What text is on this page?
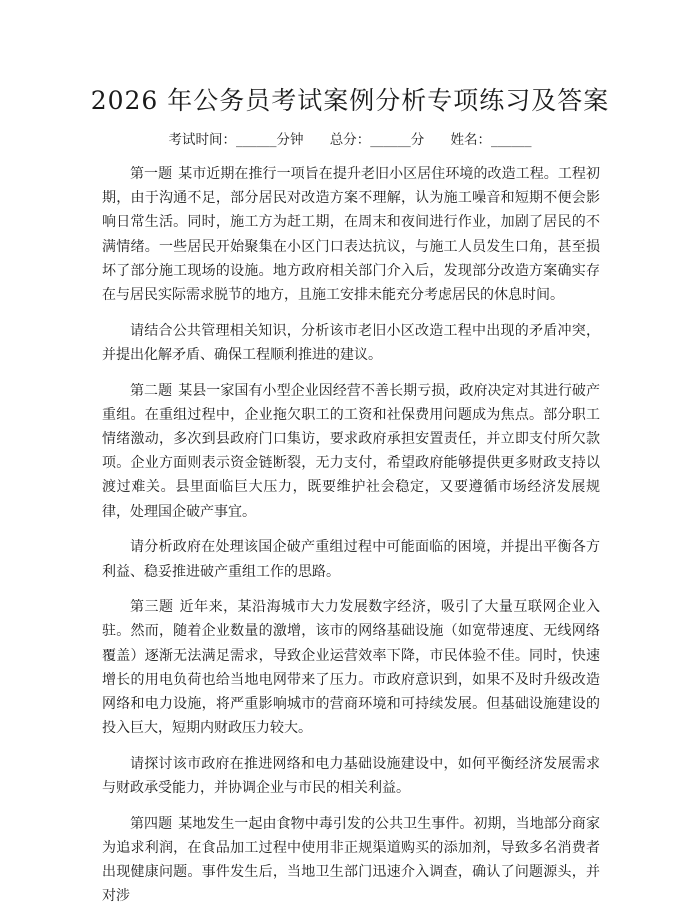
2026 年公务员考试案例分析专项练习及答案
考试时间：______分钟 总分：______分 姓名：______

第一题 某市近期在推行一项旨在提升老旧小区居住环境的改造工程。工程初期，由于沟通不足，部分居民对改造方案不理解，认为施工噪音和短期不便会影响日常生活。同时，施工方为赶工期，在周末和夜间进行作业，加剧了居民的不满情绪。一些居民开始聚集在小区门口表达抗议，与施工人员发生口角，甚至损坏了部分施工现场的设施。地方政府相关部门介入后，发现部分改造方案确实存在与居民实际需求脱节的地方，且施工安排未能充分考虑居民的休息时间。

请结合公共管理相关知识，分析该市老旧小区改造工程中出现的矛盾冲突，并提出化解矛盾、确保工程顺利推进的建议。

第二题 某县一家国有小型企业因经营不善长期亏损，政府决定对其进行破产重组。在重组过程中，企业拖欠职工的工资和社保费用问题成为焦点。部分职工情绪激动，多次到县政府门口集访，要求政府承担安置责任，并立即支付所欠款项。企业方面则表示资金链断裂，无力支付，希望政府能够提供更多财政支持以渡过难关。县里面临巨大压力，既要维护社会稳定，又要遵循市场经济发展规律，处理国企破产事宜。

请分析政府在处理该国企破产重组过程中可能面临的困境，并提出平衡各方利益、稳妥推进破产重组工作的思路。

第三题 近年来，某沿海城市大力发展数字经济，吸引了大量互联网企业入驻。然而，随着企业数量的激增，该市的网络基础设施（如宽带速度、无线网络覆盖）逐渐无法满足需求，导致企业运营效率下降，市民体验不佳。同时，快速增长的用电负荷也给当地电网带来了压力。市政府意识到，如果不及时升级改造网络和电力设施，将严重影响城市的营商环境和可持续发展。但基础设施建设的投入巨大，短期内财政压力较大。

请探讨该市政府在推进网络和电力基础设施建设中，如何平衡经济发展需求与财政承受能力，并协调企业与市民的相关利益。

第四题 某地发生一起由食物中毒引发的公共卫生事件。初期，当地部分商家为追求利润，在食品加工过程中使用非正规渠道购买的添加剂，导致多名消费者出现健康问题。事件发生后，当地卫生部门迅速介入调查，确认了问题源头，并对涉
